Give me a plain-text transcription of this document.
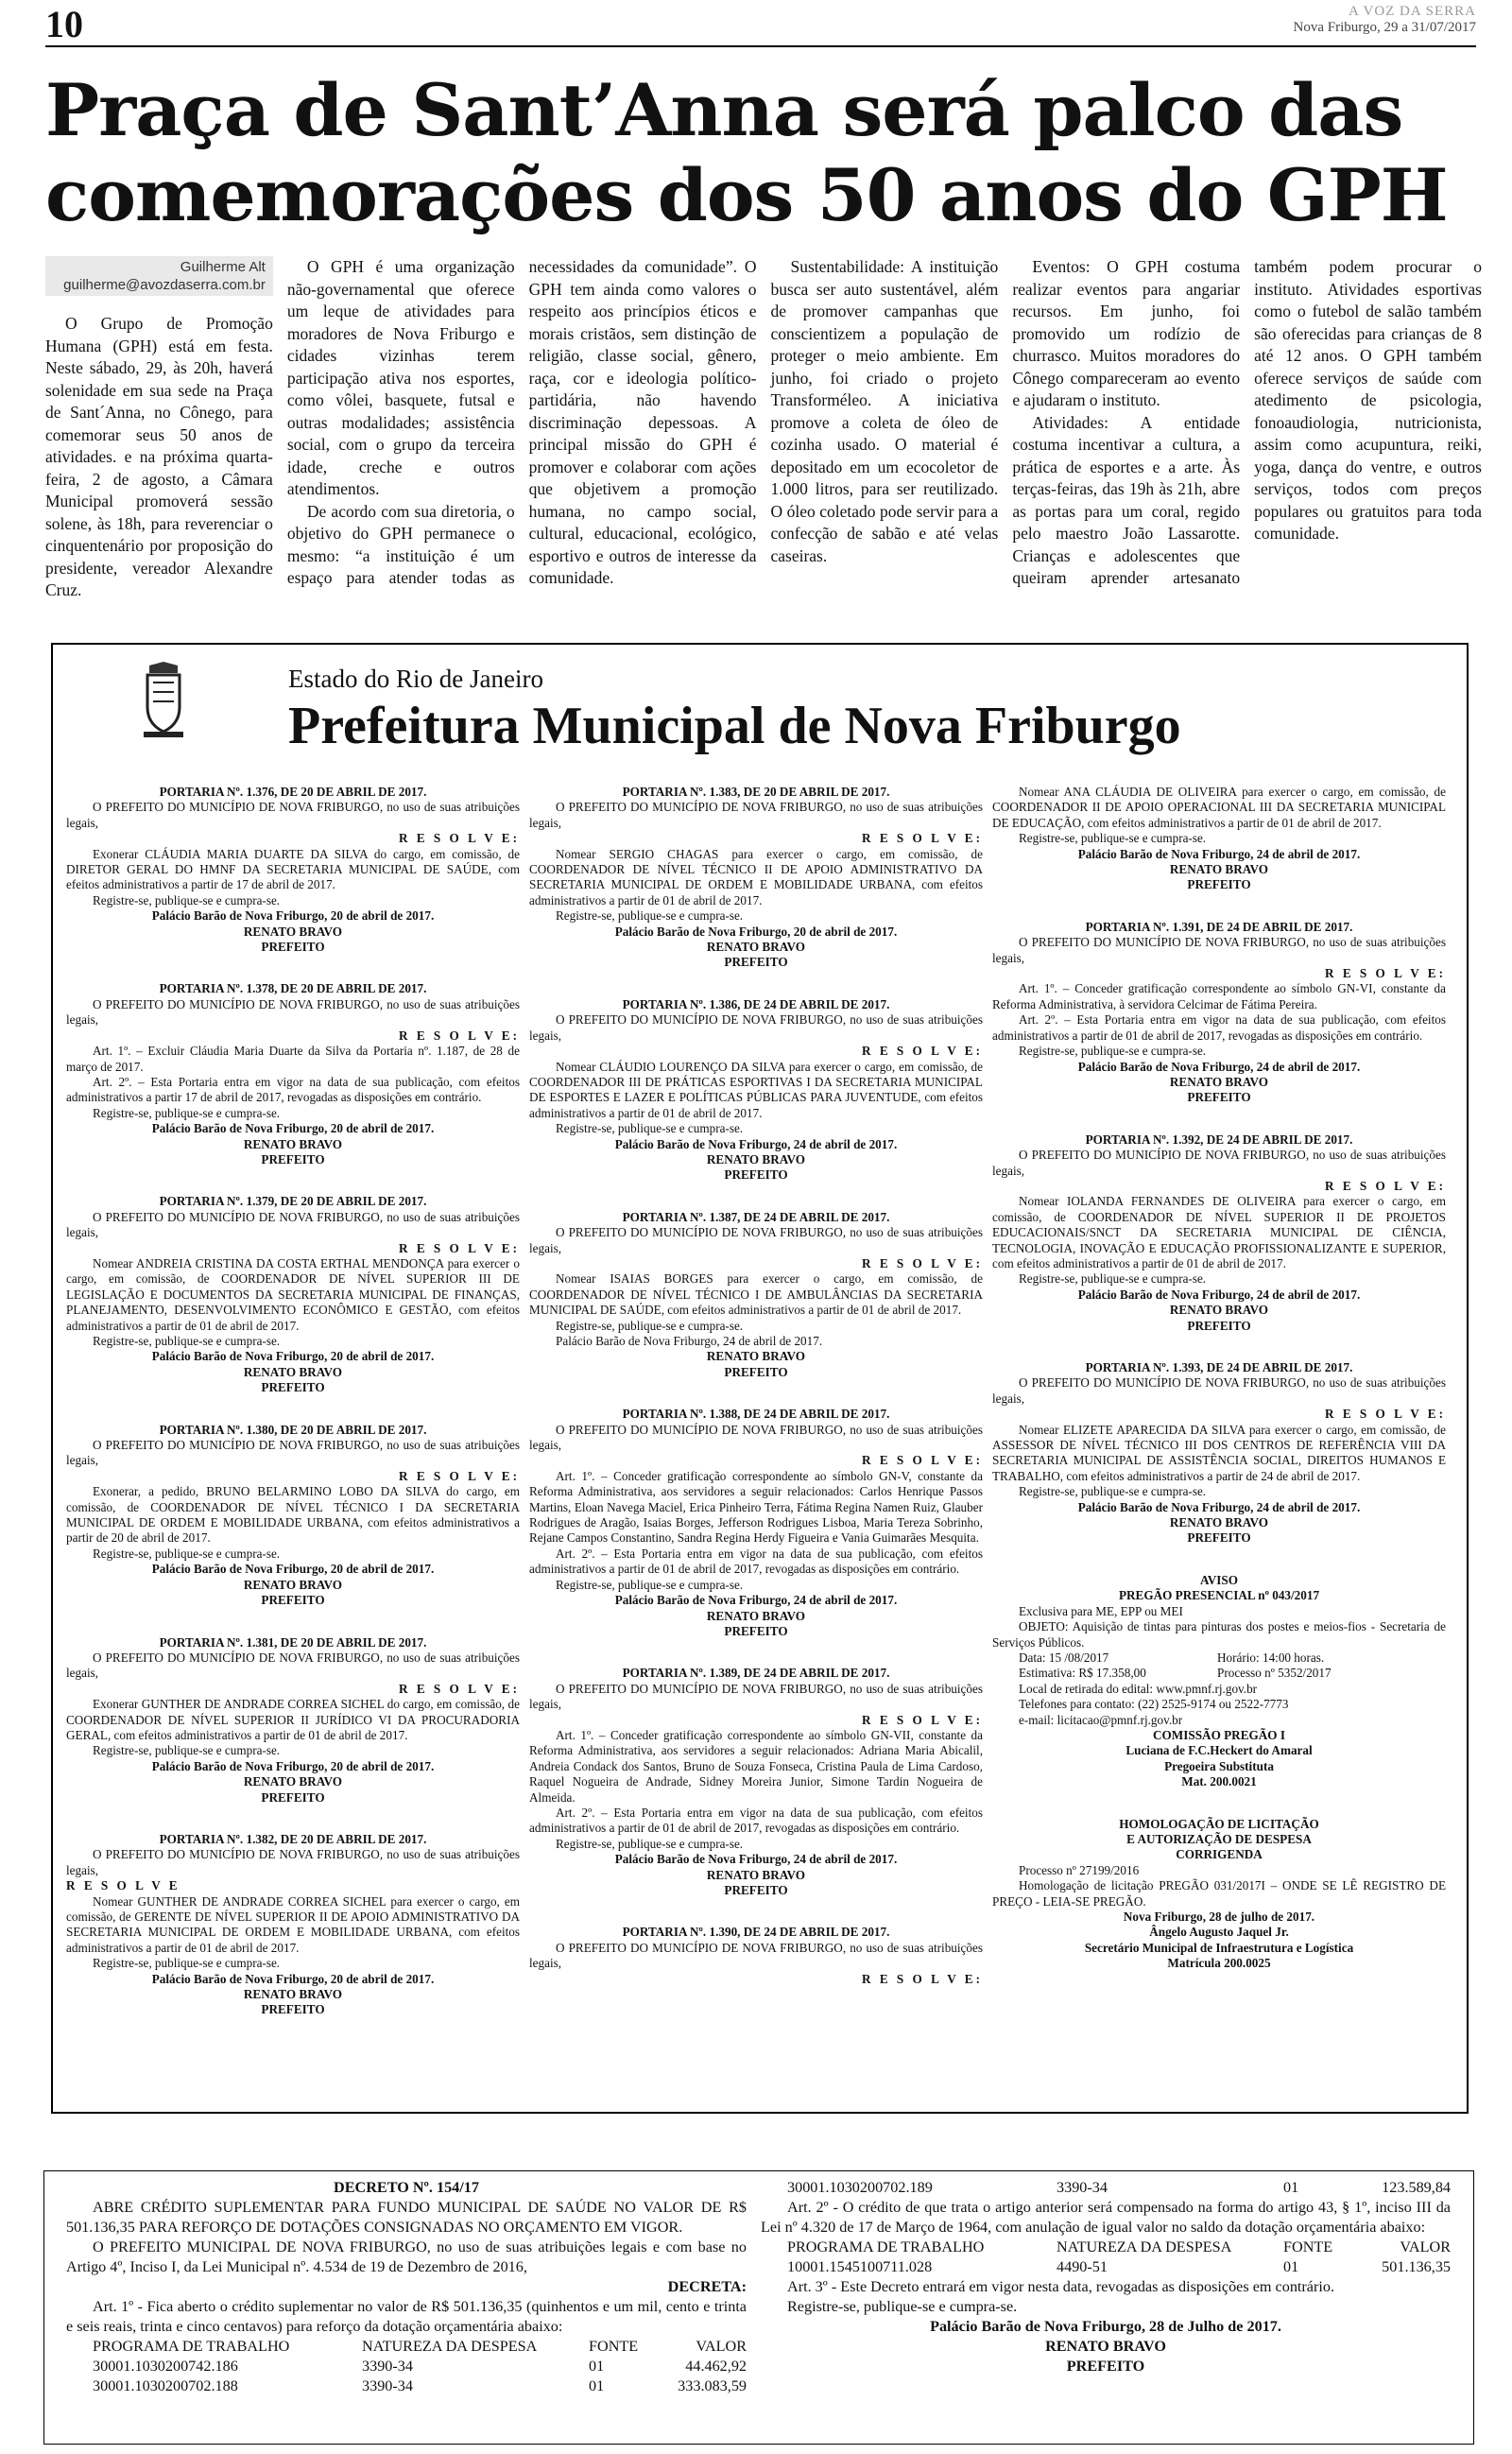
10	A VOZ DA SERRA
Nova Friburgo, 29 a 31/07/2017
Praça de Sant’Anna será palco das
comemorações dos 50 anos do GPH
Guilherme Alt
guilherme@avozdaserra.com.br

O Grupo de Promoção Humana (GPH) está em festa. Neste sábado, 29, às 20h, haverá solenidade em sua sede na Praça de Sant´Anna, no Cônego, para comemorar seus 50 anos de atividades. e na próxima quarta-feira, 2 de agosto, a Câmara Municipal promoverá sessão solene, às 18h, para reverenciar o cinquentenário por proposição do presidente, vereador Alexandre Cruz.

O GPH é uma organização não-governamental que oferece um leque de atividades para moradores de Nova Friburgo e cidades vizinhas terem participação ativa nos esportes, como vôlei, basquete, futsal e outras modalidades; assistência social, com o grupo da terceira idade, creche e outros atendimentos.

De acordo com sua diretoria, o objetivo do GPH permanece o mesmo: “a instituição é um espaço para atender todas as necessidades da comunidade”. O GPH tem ainda como valores o respeito aos princípios éticos e morais cristãos, sem distinção de religião, classe social, gênero, raça, cor e ideologia político-partidária, não havendo discriminação depessoas. A principal missão do GPH é promover e colaborar com ações que objetivem a promoção humana, no campo social, cultural, educacional, ecológico, esportivo e outros de interesse da comunidade.

Sustentabilidade: A instituição busca ser auto sustentável, além de promover campanhas que conscientizem a população de proteger o meio ambiente. Em junho, foi criado o projeto Transforméleo. A iniciativa promove a coleta de óleo de cozinha usado. O material é depositado em um ecocoletor de 1.000 litros, para ser reutilizado. O óleo coletado pode servir para a confecção de sabão e até velas caseiras.

Eventos: O GPH costuma realizar eventos para angariar recursos. Em junho, foi promovido um rodízio de churrasco. Muitos moradores do Cônego compareceram ao evento e ajudaram o instituto.

Atividades: A entidade costuma incentivar a cultura, a prática de esportes e a arte. Às terças-feiras, das 19h às 21h, abre as portas para um coral, regido pelo maestro João Lassarotte. Crianças e adolescentes que queiram aprender artesanato também podem procurar o instituto. Atividades esportivas como o futebol de salão também são oferecidas para crianças de 8 até 12 anos. O GPH também oferece serviços de saúde com atedimento de psicologia, fonoaudiologia, nutricionista, assim como acupuntura, reiki, yoga, dança do ventre, e outros serviços, todos com preços populares ou gratuitos para toda comunidade.

Estado do Rio de Janeiro
Prefeitura Municipal de Nova Friburgo
PORTARIA Nº. 1.376, DE 20 DE ABRIL DE 2017.
O PREFEITO DO MUNICÍPIO DE NOVA FRIBURGO, no uso de suas atribuições legais,
R E S O L V E:
Exonerar CLÁUDIA MARIA DUARTE DA SILVA do cargo, em comissão, de DIRETOR GERAL DO HMNF DA SECRETARIA MUNICIPAL DE SAÚDE, com efeitos administrativos a partir de 17 de abril de 2017.
Registre-se, publique-se e cumpra-se.
Palácio Barão de Nova Friburgo, 20 de abril de 2017.
RENATO BRAVO
PREFEITO
PORTARIA Nº. 1.378, DE 20 DE ABRIL DE 2017.
O PREFEITO DO MUNICÍPIO DE NOVA FRIBURGO, no uso de suas atribuições legais,
R E S O L V E:
Art. 1º. – Excluir Cláudia Maria Duarte da Silva da Portaria nº. 1.187, de 28 de março de 2017.
Art. 2º. – Esta Portaria entra em vigor na data de sua publicação, com efeitos administrativos a partir 17 de abril de 2017, revogadas as disposições em contrário.
Registre-se, publique-se e cumpra-se.
Palácio Barão de Nova Friburgo, 20 de abril de 2017.
RENATO BRAVO
PREFEITO
PORTARIA Nº. 1.379, DE 20 DE ABRIL DE 2017.
O PREFEITO DO MUNICÍPIO DE NOVA FRIBURGO, no uso de suas atribuições legais,
R E S O L V E:
Nomear ANDREIA CRISTINA DA COSTA ERTHAL MENDONÇA para exercer o cargo, em comissão, de COORDENADOR DE NÍVEL SUPERIOR III DE LEGISLAÇÃO E DOCUMENTOS DA SECRETARIA MUNICIPAL DE FINANÇAS, PLANEJAMENTO, DESENVOLVIMENTO ECONÔMICO E GESTÃO, com efeitos administrativos a partir de 01 de abril de 2017.
Registre-se, publique-se e cumpra-se.
Palácio Barão de Nova Friburgo, 20 de abril de 2017.
RENATO BRAVO
PREFEITO
PORTARIA Nº. 1.380, DE 20 DE ABRIL DE 2017.
O PREFEITO DO MUNICÍPIO DE NOVA FRIBURGO, no uso de suas atribuições legais,
R E S O L V E:
Exonerar, a pedido, BRUNO BELARMINO LOBO DA SILVA do cargo, em comissão, de COORDENADOR DE NÍVEL TÉCNICO I DA SECRETARIA MUNICIPAL DE ORDEM E MOBILIDADE URBANA, com efeitos administrativos a partir de 20 de abril de 2017.
Registre-se, publique-se e cumpra-se.
Palácio Barão de Nova Friburgo, 20 de abril de 2017.
RENATO BRAVO
PREFEITO
PORTARIA Nº. 1.381, DE 20 DE ABRIL DE 2017.
O PREFEITO DO MUNICÍPIO DE NOVA FRIBURGO, no uso de suas atribuições legais,
R E S O L V E:
Exonerar GUNTHER DE ANDRADE CORREA SICHEL do cargo, em comissão, de COORDENADOR DE NÍVEL SUPERIOR II JURÍDICO VI DA PROCURADORIA GERAL, com efeitos administrativos a partir de 01 de abril de 2017.
Registre-se, publique-se e cumpra-se.
Palácio Barão de Nova Friburgo, 20 de abril de 2017.
RENATO BRAVO
PREFEITO
PORTARIA Nº. 1.382, DE 20 DE ABRIL DE 2017.
O PREFEITO DO MUNICÍPIO DE NOVA FRIBURGO, no uso de suas atribuições legais,
R E S O L V E
Nomear GUNTHER DE ANDRADE CORREA SICHEL para exercer o cargo, em comissão, de GERENTE DE NÍVEL SUPERIOR II DE APOIO ADMINISTRATIVO DA SECRETARIA MUNICIPAL DE ORDEM E MOBILIDADE URBANA, com efeitos administrativos a partir de 01 de abril de 2017.
Registre-se, publique-se e cumpra-se.
Palácio Barão de Nova Friburgo, 20 de abril de 2017.
RENATO BRAVO
PREFEITO
PORTARIA Nº. 1.383, DE 20 DE ABRIL DE 2017.
O PREFEITO DO MUNICÍPIO DE NOVA FRIBURGO, no uso de suas atribuições legais,
R E S O L V E:
Nomear SERGIO CHAGAS para exercer o cargo, em comissão, de COORDENADOR DE NÍVEL TÉCNICO II DE APOIO ADMINISTRATIVO DA SECRETARIA MUNICIPAL DE ORDEM E MOBILIDADE URBANA, com efeitos administrativos a partir de 01 de abril de 2017.
Registre-se, publique-se e cumpra-se.
Palácio Barão de Nova Friburgo, 20 de abril de 2017.
RENATO BRAVO
PREFEITO
PORTARIA Nº. 1.386, DE 24 DE ABRIL DE 2017.
O PREFEITO DO MUNICÍPIO DE NOVA FRIBURGO, no uso de suas atribuições legais,
R E S O L V E:
Nomear CLÁUDIO LOURENÇO DA SILVA para exercer o cargo, em comissão, de COORDENADOR III DE PRÁTICAS ESPORTIVAS I DA SECRETARIA MUNICIPAL DE ESPORTES E LAZER E POLÍTICAS PÚBLICAS PARA JUVENTUDE, com efeitos administrativos a partir de 01 de abril de 2017.
Registre-se, publique-se e cumpra-se.
Palácio Barão de Nova Friburgo, 24 de abril de 2017.
RENATO BRAVO
PREFEITO
PORTARIA Nº. 1.387, DE 24 DE ABRIL DE 2017.
O PREFEITO DO MUNICÍPIO DE NOVA FRIBURGO, no uso de suas atribuições legais,
R E S O L V E:
Nomear ISAIAS BORGES para exercer o cargo, em comissão, de COORDENADOR DE NÍVEL TÉCNICO I DE AMBULÂNCIAS DA SECRETARIA MUNICIPAL DE SAÚDE, com efeitos administrativos a partir de 01 de abril de 2017.
Registre-se, publique-se e cumpra-se.
Palácio Barão de Nova Friburgo, 24 de abril de 2017.
RENATO BRAVO
PREFEITO
PORTARIA Nº. 1.388, DE 24 DE ABRIL DE 2017.
O PREFEITO DO MUNICÍPIO DE NOVA FRIBURGO, no uso de suas atribuições legais,
R E S O L V E:
Art. 1º. – Conceder gratificação correspondente ao símbolo GN-V, constante da Reforma Administrativa, aos servidores a seguir relacionados: Carlos Henrique Passos Martins, Eloan Navega Maciel, Erica Pinheiro Terra, Fátima Regina Namen Ruiz, Glauber Rodrigues de Aragão, Isaias Borges, Jefferson Rodrigues Lisboa, Maria Tereza Sobrinho, Rejane Campos Constantino, Sandra Regina Herdy Figueira e Vania Guimarães Mesquita.
Art. 2º. – Esta Portaria entra em vigor na data de sua publicação, com efeitos administrativos a partir de 01 de abril de 2017, revogadas as disposições em contrário.
Registre-se, publique-se e cumpra-se.
Palácio Barão de Nova Friburgo, 24 de abril de 2017.
RENATO BRAVO
PREFEITO
PORTARIA Nº. 1.389, DE 24 DE ABRIL DE 2017.
O PREFEITO DO MUNICÍPIO DE NOVA FRIBURGO, no uso de suas atribuições legais,
R E S O L V E:
Art. 1º. – Conceder gratificação correspondente ao símbolo GN-VII, constante da Reforma Administrativa, aos servidores a seguir relacionados: Adriana Maria Abicalil, Andreia Condack dos Santos, Bruno de Souza Fonseca, Cristina Paula de Lima Cardoso, Raquel Nogueira de Andrade, Sidney Moreira Junior, Simone Tardin Nogueira de Almeida.
Art. 2º. – Esta Portaria entra em vigor na data de sua publicação, com efeitos administrativos a partir de 01 de abril de 2017, revogadas as disposições em contrário.
Registre-se, publique-se e cumpra-se.
Palácio Barão de Nova Friburgo, 24 de abril de 2017.
RENATO BRAVO
PREFEITO
PORTARIA Nº. 1.390, DE 24 DE ABRIL DE 2017.
O PREFEITO DO MUNICÍPIO DE NOVA FRIBURGO, no uso de suas atribuições legais,
R E S O L V E:
Nomear ANA CLÁUDIA DE OLIVEIRA para exercer o cargo, em comissão, de COORDENADOR II DE APOIO OPERACIONAL III DA SECRETARIA MUNICIPAL DE EDUCAÇÃO, com efeitos administrativos a partir de 01 de abril de 2017.
Registre-se, publique-se e cumpra-se.
Palácio Barão de Nova Friburgo, 24 de abril de 2017.
RENATO BRAVO
PREFEITO
PORTARIA Nº. 1.391, DE 24 DE ABRIL DE 2017.
O PREFEITO DO MUNICÍPIO DE NOVA FRIBURGO, no uso de suas atribuições legais,
R E S O L V E:
Art. 1º. – Conceder gratificação correspondente ao símbolo GN-VI, constante da Reforma Administrativa, à servidora Celcimar de Fátima Pereira.
Art. 2º. – Esta Portaria entra em vigor na data de sua publicação, com efeitos administrativos a partir de 01 de abril de 2017, revogadas as disposições em contrário.
Registre-se, publique-se e cumpra-se.
Palácio Barão de Nova Friburgo, 24 de abril de 2017.
RENATO BRAVO
PREFEITO
PORTARIA Nº. 1.392, DE 24 DE ABRIL DE 2017.
O PREFEITO DO MUNICÍPIO DE NOVA FRIBURGO, no uso de suas atribuições legais,
R E S O L V E:
Nomear IOLANDA FERNANDES DE OLIVEIRA para exercer o cargo, em comissão, de COORDENADOR DE NÍVEL SUPERIOR II DE PROJETOS EDUCACIONAIS/SNCT DA SECRETARIA MUNICIPAL DE CIÊNCIA, TECNOLOGIA, INOVAÇÃO E EDUCAÇÃO PROFISSIONALIZANTE E SUPERIOR, com efeitos administrativos a partir de 01 de abril de 2017.
Registre-se, publique-se e cumpra-se.
Palácio Barão de Nova Friburgo, 24 de abril de 2017.
RENATO BRAVO
PREFEITO
PORTARIA Nº. 1.393, DE 24 DE ABRIL DE 2017.
O PREFEITO DO MUNICÍPIO DE NOVA FRIBURGO, no uso de suas atribuições legais,
R E S O L V E:
Nomear ELIZETE APARECIDA DA SILVA para exercer o cargo, em comissão, de ASSESSOR DE NÍVEL TÉCNICO III DOS CENTROS DE REFERÊNCIA VIII DA SECRETARIA MUNICIPAL DE ASSISTÊNCIA SOCIAL, DIREITOS HUMANOS E TRABALHO, com efeitos administrativos a partir de 24 de abril de 2017.
Registre-se, publique-se e cumpra-se.
Palácio Barão de Nova Friburgo, 24 de abril de 2017.
RENATO BRAVO
PREFEITO
AVISO
PREGÃO PRESENCIAL nº 043/2017
Exclusiva para ME, EPP ou MEI
OBJETO: Aquisição de tintas para pinturas dos postes e meios-fios - Secretaria de Serviços Públicos.
Data: 15 /08/2017	Horário: 14:00 horas.
Estimativa: R$ 17.358,00	Processo nº 5352/2017
Local de retirada do edital: www.pmnf.rj.gov.br
Telefones para contato: (22) 2525-9174 ou 2522-7773
e-mail: licitacao@pmnf.rj.gov.br
COMISSÃO PREGÃO I
Luciana de F.C.Heckert do Amaral
Pregoeira Substituta
Mat. 200.0021
HOMOLOGAÇÃO DE LICITAÇÃO
E AUTORIZAÇÃO DE DESPESA
CORRIGENDA
Processo nº 27199/2016
Homologação de licitação PREGÃO 031/2017I – ONDE SE LÊ REGISTRO DE PREÇO - LEIA-SE PREGÃO.
Nova Friburgo, 28 de julho de 2017.
Ângelo Augusto Jaquel Jr.
Secretário Municipal de Infraestrutura e Logística
Matrícula 200.0025
DECRETO Nº. 154/17
ABRE CRÉDITO SUPLEMENTAR PARA FUNDO MUNICIPAL DE SAÚDE NO VALOR DE R$ 501.136,35 PARA REFORÇO DE DOTAÇÕES CONSIGNADAS NO ORÇAMENTO EM VIGOR.
O PREFEITO MUNICIPAL DE NOVA FRIBURGO, no uso de suas atribuições legais e com base no Artigo 4º, Inciso I, da Lei Municipal nº. 4.534 de 19 de Dezembro de 2016,
DECRETA:
Art. 1º - Fica aberto o crédito suplementar no valor de R$ 501.136,35 (quinhentos e um mil, cento e trinta e seis reais, trinta e cinco centavos) para reforço da dotação orçamentária abaixo:
PROGRAMA DE TRABALHO	NATUREZA DA DESPESA	FONTE	VALOR
30001.1030200742.186	3390-34	01	44.462,92
30001.1030200702.188	3390-34	01	333.083,59
30001.1030200702.189	3390-34	01	123.589,84
Art. 2º - O crédito de que trata o artigo anterior será compensado na forma do artigo 43, § 1º, inciso III da Lei nº 4.320 de 17 de Março de 1964, com anulação de igual valor no saldo da dotação orçamentária abaixo:
PROGRAMA DE TRABALHO	NATUREZA DA DESPESA	FONTE	VALOR
10001.1545100711.028	4490-51	01	501.136,35
Art. 3º - Este Decreto entrará em vigor nesta data, revogadas as disposições em contrário.
Registre-se, publique-se e cumpra-se.
Palácio Barão de Nova Friburgo, 28 de Julho de 2017.
RENATO BRAVO
PREFEITO
